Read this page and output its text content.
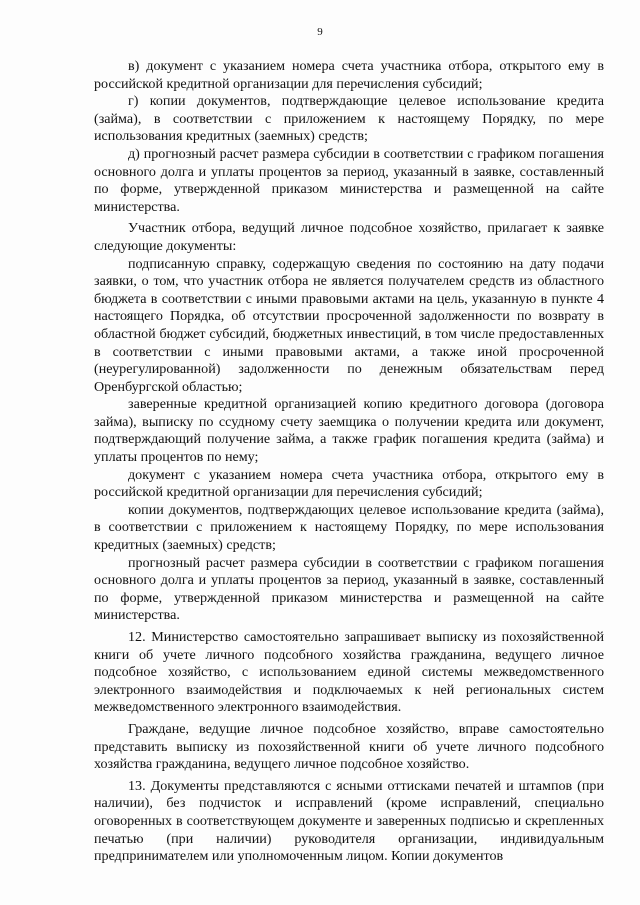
9

в) документ с указанием номера счета участника отбора, открытого ему в российской кредитной организации для перечисления субсидий;

г) копии документов, подтверждающие целевое использование кредита (займа), в соответствии с приложением к настоящему Порядку, по мере использования кредитных (заемных) средств;

д) прогнозный расчет размера субсидии в соответствии с графиком погашения основного долга и уплаты процентов за период, указанный в заявке, составленный по форме, утвержденной приказом министерства и размещенной на сайте министерства.

Участник отбора, ведущий личное подсобное хозяйство, прилагает к заявке следующие документы:

подписанную справку, содержащую сведения по состоянию на дату подачи заявки, о том, что участник отбора не является получателем средств из областного бюджета в соответствии с иными правовыми актами на цель, указанную в пункте 4 настоящего Порядка, об отсутствии просроченной задолженности по возврату в областной бюджет субсидий, бюджетных инвестиций, в том числе предоставленных в соответствии с иными правовыми актами, а также иной просроченной (неурегулированной) задолженности по денежным обязательствам перед Оренбургской областью;

заверенные кредитной организацией копию кредитного договора (договора займа), выписку по ссудному счету заемщика о получении кредита или документ, подтверждающий получение займа, а также график погашения кредита (займа) и уплаты процентов по нему;

документ с указанием номера счета участника отбора, открытого ему в российской кредитной организации для перечисления субсидий;

копии документов, подтверждающих целевое использование кредита (займа), в соответствии с приложением к настоящему Порядку, по мере использования кредитных (заемных) средств;

прогнозный расчет размера субсидии в соответствии с графиком погашения основного долга и уплаты процентов за период, указанный в заявке, составленный по форме, утвержденной приказом министерства и размещенной на сайте министерства.

12. Министерство самостоятельно запрашивает выписку из похозяйственной книги об учете личного подсобного хозяйства гражданина, ведущего личное подсобное хозяйство, с использованием единой системы межведомственного электронного взаимодействия и подключаемых к ней региональных систем межведомственного электронного взаимодействия.

Граждане, ведущие личное подсобное хозяйство, вправе самостоятельно представить выписку из похозяйственной книги об учете личного подсобного хозяйства гражданина, ведущего личное подсобное хозяйство.

13. Документы представляются с ясными оттисками печатей и штампов (при наличии), без подчисток и исправлений (кроме исправлений, специально оговоренных в соответствующем документе и заверенных подписью и скрепленных печатью (при наличии) руководителя организации, индивидуальным предпринимателем или уполномоченным лицом. Копии документов
